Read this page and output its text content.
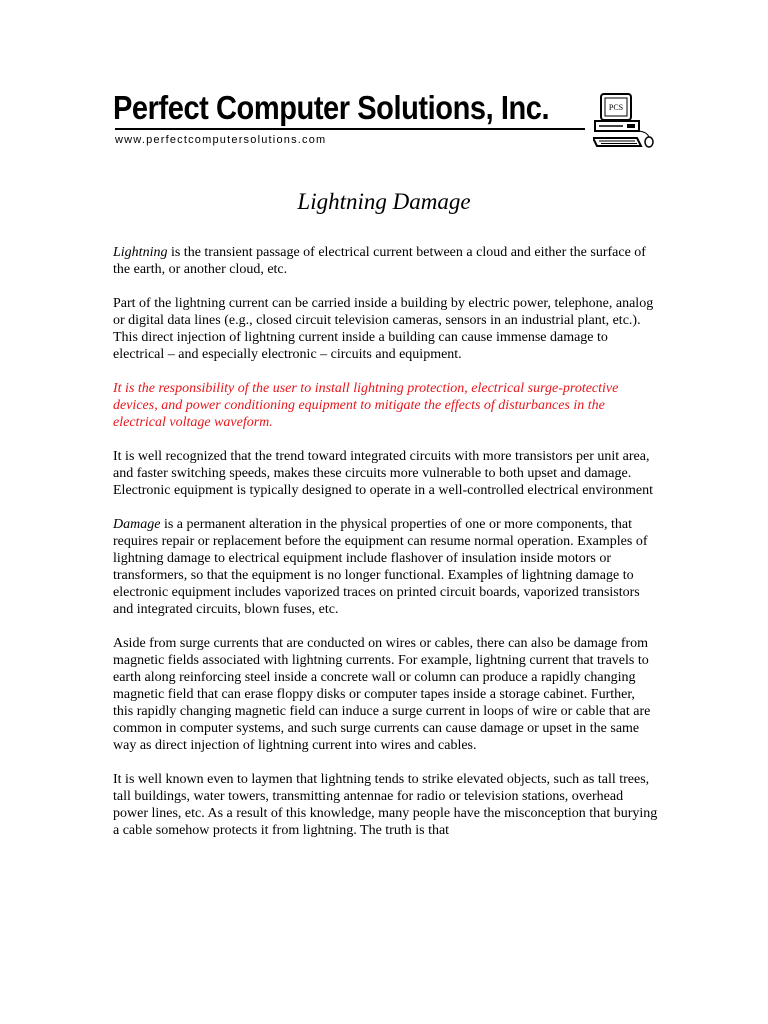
Perfect Computer Solutions, Inc.
www.perfectcomputersolutions.com
PCS
Lightning Damage

Lightning is the transient passage of electrical current between a cloud and either the surface of the earth, or another cloud, etc.

Part of the lightning current can be carried inside a building by electric power, telephone, analog or digital data lines (e.g., closed circuit television cameras, sensors in an industrial plant, etc.). This direct injection of lightning current inside a building can cause immense damage to electrical – and especially electronic – circuits and equipment.

It is the responsibility of the user to install lightning protection, electrical surge-protective devices, and power conditioning equipment to mitigate the effects of disturbances in the electrical voltage waveform.

It is well recognized that the trend toward integrated circuits with more transistors per unit area, and faster switching speeds, makes these circuits more vulnerable to both upset and damage.

Electronic equipment is typically designed to operate in a well-controlled electrical environment

Damage is a permanent alteration in the physical properties of one or more components, that requires repair or replacement before the equipment can resume normal operation. Examples of lightning damage to electrical equipment include flashover of insulation inside motors or transformers, so that the equipment is no longer functional. Examples of lightning damage to electronic equipment includes vaporized traces on printed circuit boards, vaporized transistors and integrated circuits, blown fuses, etc.

Aside from surge currents that are conducted on wires or cables, there can also be damage from magnetic fields associated with lightning currents. For example, lightning current that travels to earth along reinforcing steel inside a concrete wall or column can produce a rapidly changing magnetic field that can erase floppy disks or computer tapes inside a storage cabinet. Further, this rapidly changing magnetic field can induce a surge current in loops of wire or cable that are common in computer systems, and such surge currents can cause damage or upset in the same way as direct injection of lightning current into wires and cables.

It is well known even to laymen that lightning tends to strike elevated objects, such as tall trees, tall buildings, water towers, transmitting antennae for radio or television stations, overhead power lines, etc. As a result of this knowledge, many people have the misconception that burying a cable somehow protects it from lightning. The truth is that
